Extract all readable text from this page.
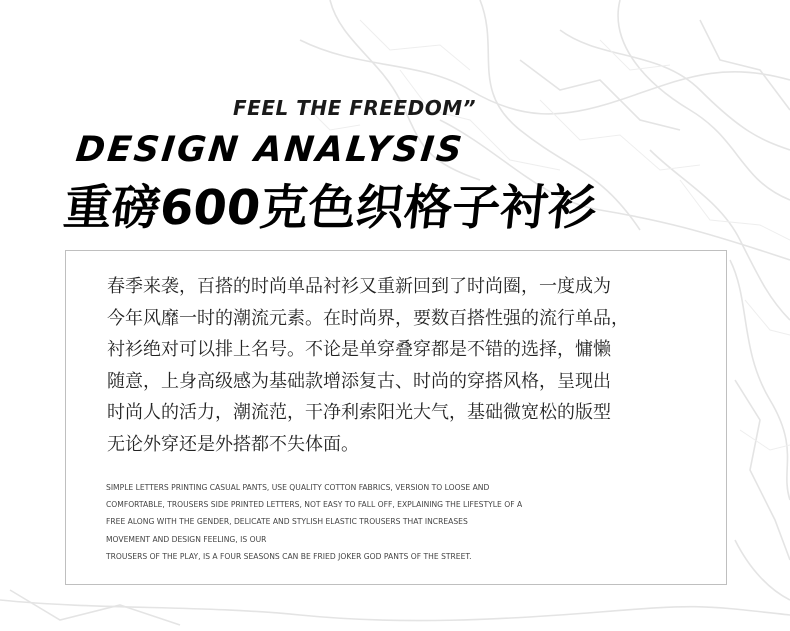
FEEL THE FREEDOM”
DESIGN ANALYSIS
重磅600克色织格子衬衫

春季来袭，百搭的时尚单品衬衫又重新回到了时尚圈，一度成为
今年风靡一时的潮流元素。在时尚界，要数百搭性强的流行单品，
衬衫绝对可以排上名号。不论是单穿叠穿都是不错的选择，慵懒
随意，上身高级感为基础款增添复古、时尚的穿搭风格，呈现出
时尚人的活力，潮流范，干净利索阳光大气，基础微宽松的版型
无论外穿还是外搭都不失体面。

SIMPLE LETTERS PRINTING CASUAL PANTS, USE QUALITY COTTON FABRICS, VERSION TO LOOSE AND
COMFORTABLE, TROUSERS SIDE PRINTED LETTERS, NOT EASY TO FALL OFF, EXPLAINING THE LIFESTYLE OF A
FREE ALONG WITH THE GENDER, DELICATE AND STYLISH ELASTIC TROUSERS THAT INCREASES
MOVEMENT AND DESIGN FEELING, IS OUR
TROUSERS OF THE PLAY, IS A FOUR SEASONS CAN BE FRIED JOKER GOD PANTS OF THE STREET.
